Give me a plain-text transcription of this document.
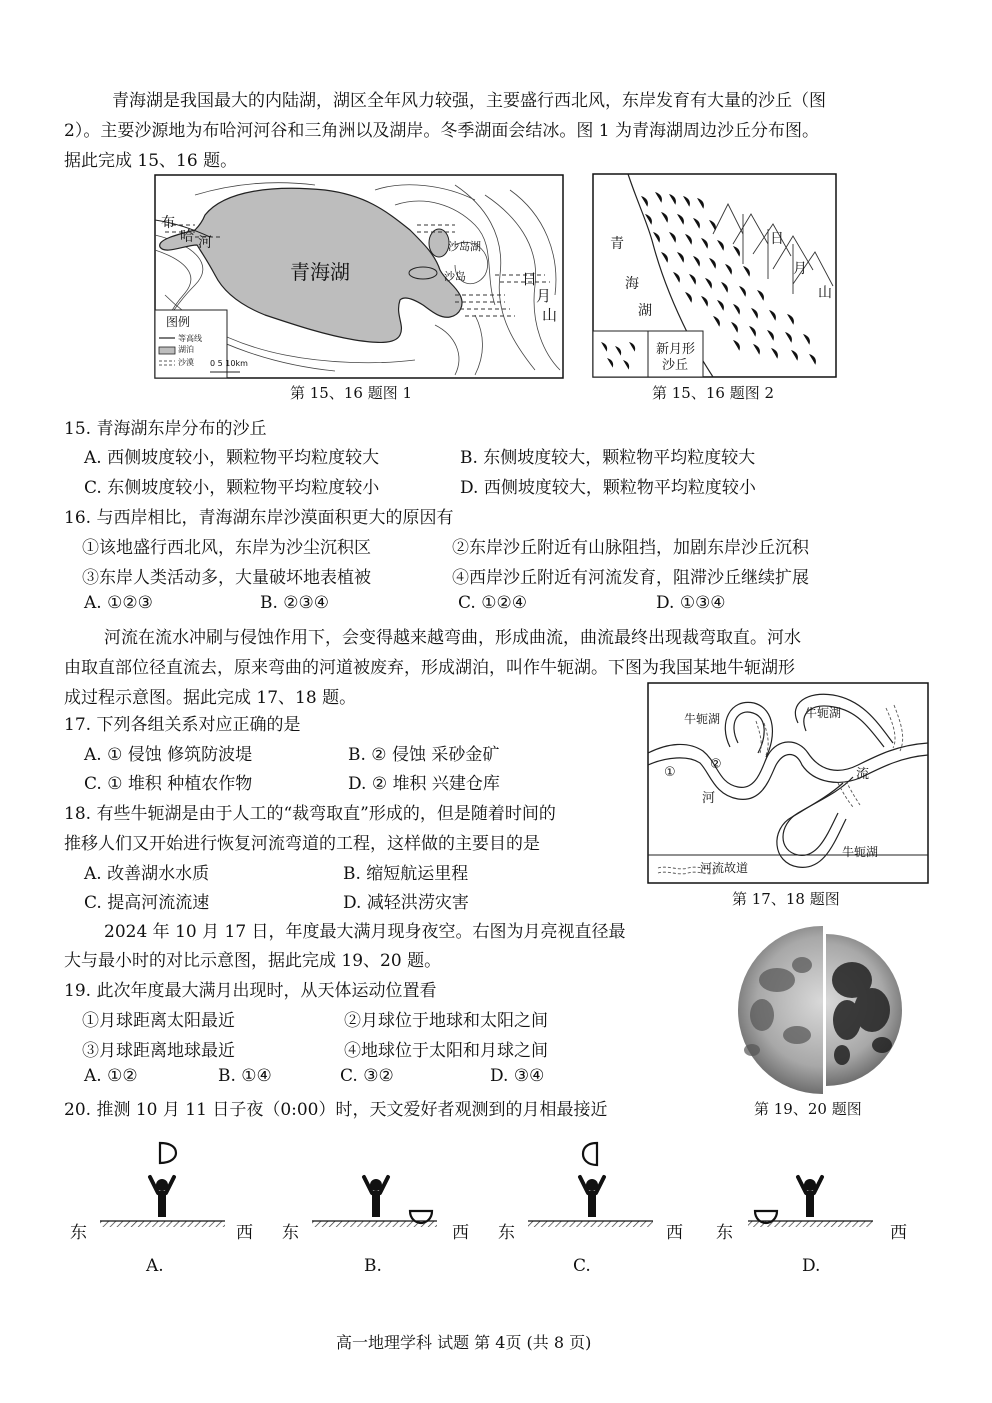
青海湖是我国最大的内陆湖，湖区全年风力较强，主要盛行西北风，东岸发育有大量的沙丘（图
2）。主要沙源地为布哈河河谷和三角洲以及湖岸。冬季湖面会结冰。图 1 为青海湖周边沙丘分布图。
据此完成 15、16 题。
青海湖
布
哈 河	沙岛湖
沙岛	日
月
山
图例
等高线
湖泊
沙漠 0 5 10km
第 15、16 题图 1
青
海
湖
日
月
山
新月形
沙丘
第 15、16 题图 2
15. 青海湖东岸分布的沙丘
A. 西侧坡度较小，颗粒物平均粒度较大	B. 东侧坡度较大，颗粒物平均粒度较大
C. 东侧坡度较小，颗粒物平均粒度较小	D. 西侧坡度较大，颗粒物平均粒度较小
16. 与西岸相比，青海湖东岸沙漠面积更大的原因有
①该地盛行西北风，东岸为沙尘沉积区	②东岸沙丘附近有山脉阻挡，加剧东岸沙丘沉积
③东岸人类活动多，大量破坏地表植被	④西岸沙丘附近有河流发育，阻滞沙丘继续扩展
A. ①②③	B. ②③④	C. ①②④	D. ①③④
河流在流水冲刷与侵蚀作用下，会变得越来越弯曲，形成曲流，曲流最终出现裁弯取直。河水
由取直部位径直流去，原来弯曲的河道被废弃，形成湖泊，叫作牛轭湖。下图为我国某地牛轭湖形
成过程示意图。据此完成 17、18 题。
牛轭湖	牛轭湖
牛轭湖
①
②
河
流
河流故道
第 17、18 题图
17. 下列各组关系对应正确的是
A. ① 侵蚀 修筑防波堤	B. ② 侵蚀 采砂金矿
C. ① 堆积 种植农作物	D. ② 堆积 兴建仓库
18. 有些牛轭湖是由于人工的“裁弯取直”形成的，但是随着时间的
推移人们又开始进行恢复河流弯道的工程，这样做的主要目的是
A. 改善湖水水质	B. 缩短航运里程
C. 提高河流流速	D. 减轻洪涝灾害
2024 年 10 月 17 日，年度最大满月现身夜空。右图为月亮视直径最
大与最小时的对比示意图，据此完成 19、20 题。
第 19、20 题图
19. 此次年度最大满月出现时，从天体运动位置看
①月球距离太阳最近	②月球位于地球和太阳之间
③月球距离地球最近	④地球位于太阳和月球之间
A. ①②	B. ①④	C. ③②	D. ③④
20. 推测 10 月 11 日子夜（0:00）时，天文爱好者观测到的月相最接近
东	西 东	西 东	西 东	西
A.	B.	C.	D.
高一地理学科 试题 第 4页 (共 8 页)
